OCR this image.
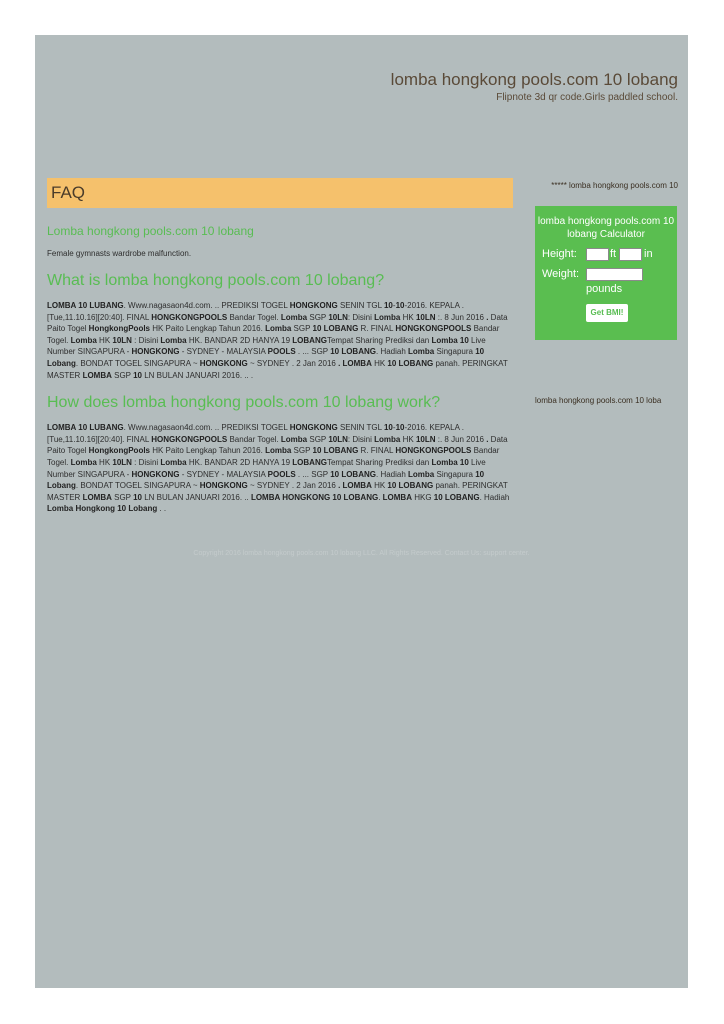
lomba hongkong pools.com 10 lobang
Flipnote 3d qr code.Girls paddled school.
FAQ
Lomba hongkong pools.com 10 lobang
Female gymnasts wardrobe malfunction.
What is lomba hongkong pools.com 10 lobang?
LOMBA 10 LUBANG. Www.nagasaon4d.com. .. PREDIKSI TOGEL HONGKONG SENIN TGL 10-10-2016. KEPALA . [Tue,11.10.16][20:40]. FINAL HONGKONGPOOLS Bandar Togel. Lomba SGP 10LN: Disini Lomba HK 10LN :. 8 Jun 2016 . Data Paito Togel HongkongPools HK Paito Lengkap Tahun 2016. Lomba SGP 10 LOBANG R. FINAL HONGKONGPOOLS Bandar Togel. Lomba HK 10LN : Disini Lomba HK. BANDAR 2D HANYA 19 LOBANGTempat Sharing Prediksi dan Lomba 10 Live Number SINGAPURA - HONGKONG - SYDNEY - MALAYSIA POOLS . ... SGP 10 LOBANG. Hadiah Lomba Singapura 10 Lobang. BONDAT TOGEL SINGAPURA ~ HONGKONG ~ SYDNEY . 2 Jan 2016 . LOMBA HK 10 LOBANG panah. PERINGKAT MASTER LOMBA SGP 10 LN BULAN JANUARI 2016. .. .
How does lomba hongkong pools.com 10 lobang work?
LOMBA 10 LUBANG. Www.nagasaon4d.com. .. PREDIKSI TOGEL HONGKONG SENIN TGL 10-10-2016. KEPALA . [Tue,11.10.16][20:40]. FINAL HONGKONGPOOLS Bandar Togel. Lomba SGP 10LN: Disini Lomba HK 10LN :. 8 Jun 2016 . Data Paito Togel HongkongPools HK Paito Lengkap Tahun 2016. Lomba SGP 10 LOBANG R. FINAL HONGKONGPOOLS Bandar Togel. Lomba HK 10LN : Disini Lomba HK. BANDAR 2D HANYA 19 LOBANGTempat Sharing Prediksi dan Lomba 10 Live Number SINGAPURA - HONGKONG - SYDNEY - MALAYSIA POOLS . ... SGP 10 LOBANG. Hadiah Lomba Singapura 10 Lobang. BONDAT TOGEL SINGAPURA ~ HONGKONG ~ SYDNEY . 2 Jan 2016 . LOMBA HK 10 LOBANG panah. PERINGKAT MASTER LOMBA SGP 10 LN BULAN JANUARI 2016. .. LOMBA HONGKONG 10 LOBANG. LOMBA HKG 10 LOBANG. Hadiah Lomba Hongkong 10 Lobang . .
***** lomba hongkong pools.com 10
lomba hongkong pools.com 10 lobang Calculator
Height:	ft	in
Weight:
pounds
Get BMI!
lomba hongkong pools.com 10 loba
Copyright 2016 lomba hongkong pools.com 10 lobang LLC. All Rights Reserved. Contact Us: support center.
